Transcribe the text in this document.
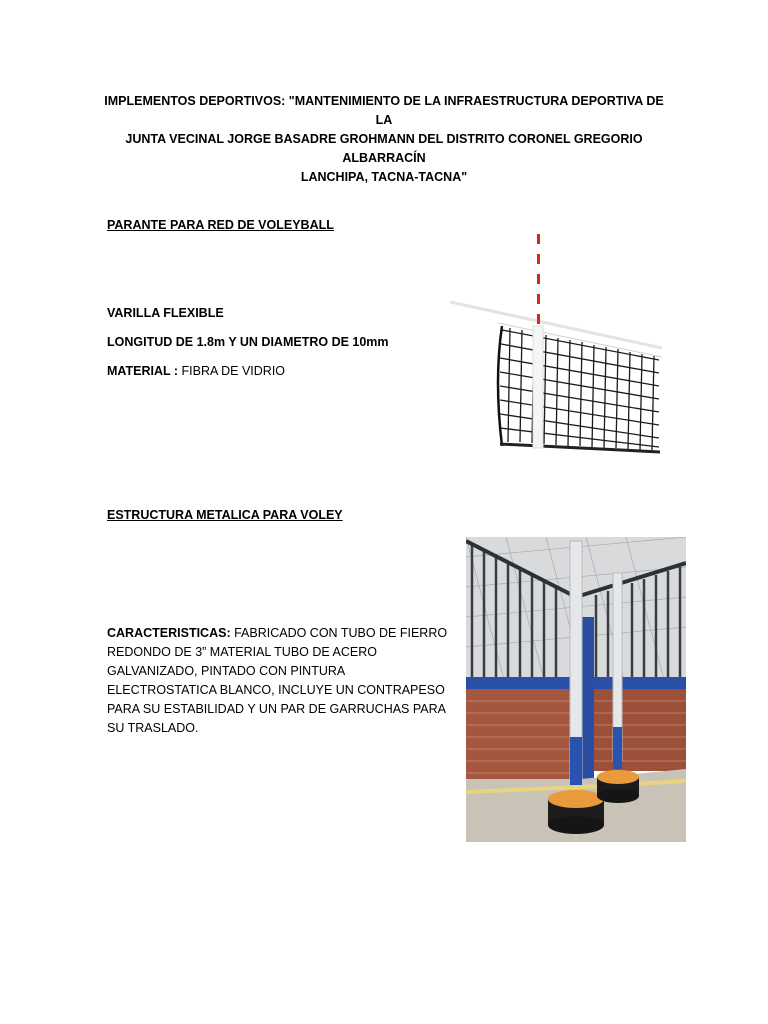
IMPLEMENTOS DEPORTIVOS: "MANTENIMIENTO DE LA INFRAESTRUCTURA DEPORTIVA DE LA
JUNTA VECINAL JORGE BASADRE GROHMANN DEL DISTRITO CORONEL GREGORIO ALBARRACÍN
LANCHIPA, TACNA-TACNA"
PARANTE PARA RED DE VOLEYBALL
VARILLA FLEXIBLE
LONGITUD DE 1.8m Y UN DIAMETRO DE 10mm
MATERIAL : FIBRA DE VIDRIO
ESTRUCTURA METALICA PARA VOLEY
CARACTERISTICAS: FABRICADO CON TUBO DE FIERRO REDONDO DE 3” MATERIAL TUBO DE ACERO GALVANIZADO, PINTADO CON PINTURA ELECTROSTATICA BLANCO, INCLUYE UN CONTRAPESO PARA SU ESTABILIDAD Y UN PAR DE GARRUCHAS PARA SU TRASLADO.
